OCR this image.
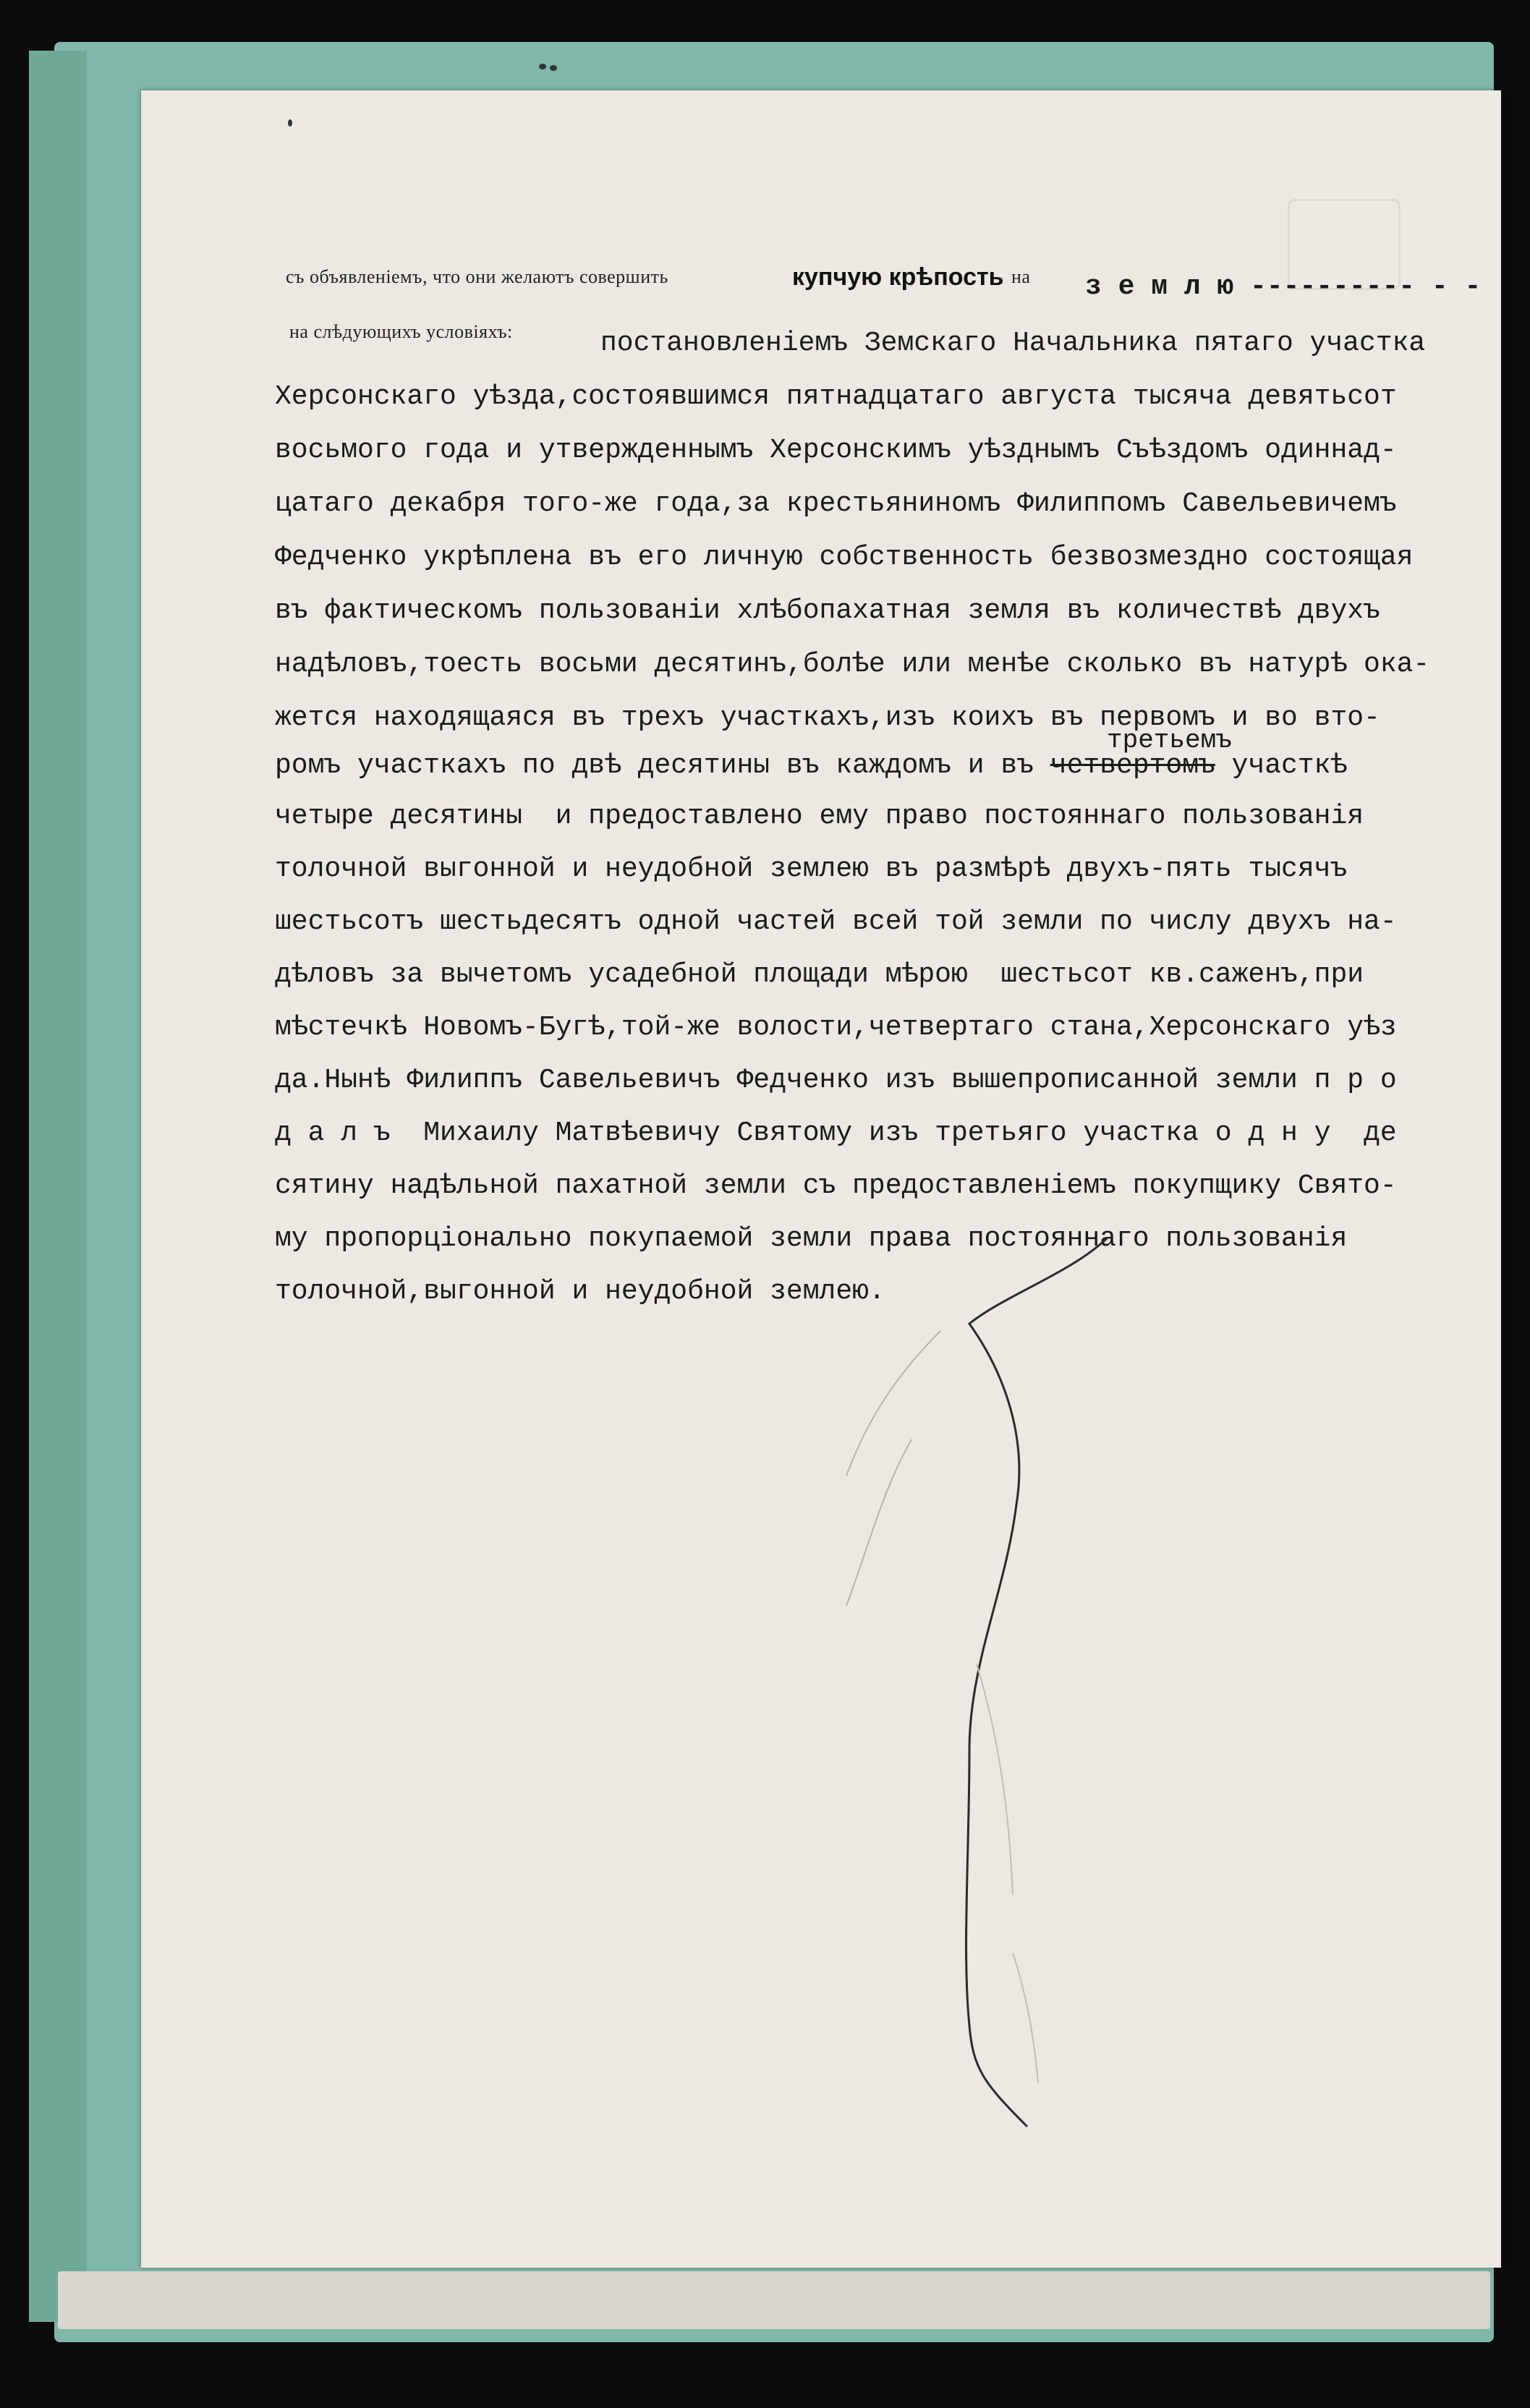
съ объявленіемъ, что они желаютъ совершить	купчую крѣпость на з е м л ю ---------- - -
на слѣдующихъ условіяхъ:	постановленіемъ Земскаго Начальника пятаго участка
Херсонскаго уѣзда,состоявшимся пятнадцатаго августа тысяча девятьсот
восьмого года и утвержденнымъ Херсонскимъ уѣзднымъ Съѣздомъ одиннад-
цатаго декабря того-же года,за крестьяниномъ Филиппомъ Савельевичемъ
Федченко укрѣплена въ его личную собственность безвозмездно состоящая
въ фактическомъ пользованіи хлѣбопахатная земля въ количествѣ двухъ
надѣловъ,тоесть восьми десятинъ,болѣе или менѣе сколько въ натурѣ ока-
жется находящаяся въ трехъ участкахъ,изъ коихъ въ первомъ и во вто-
третьемъ
ромъ участкахъ по двѣ десятины въ каждомъ и въ четвертомъ участкѣ
четыре десятины  и предоставлено ему право постояннаго пользованія
толочной выгонной и неудобной землею въ размѣрѣ двухъ-пять тысячъ
шестьсотъ шестьдесятъ одной частей всей той земли по числу двухъ на-
дѣловъ за вычетомъ усадебной площади мѣрою  шестьсот кв.саженъ,при
мѣстечкѣ Новомъ-Бугѣ,той-же волости,четвертаго стана,Херсонскаго уѣз
да.Нынѣ Филиппъ Савельевичъ Федченко изъ вышепрописанной земли п р о
д а л ъ  Михаилу Матвѣевичу Святому изъ третьяго участка о д н у  де
сятину надѣльной пахатной земли съ предоставленіемъ покупщику Свято-
му пропорціонально покупаемой земли права постояннаго пользованія
толочной,выгонной и неудобной землею.
